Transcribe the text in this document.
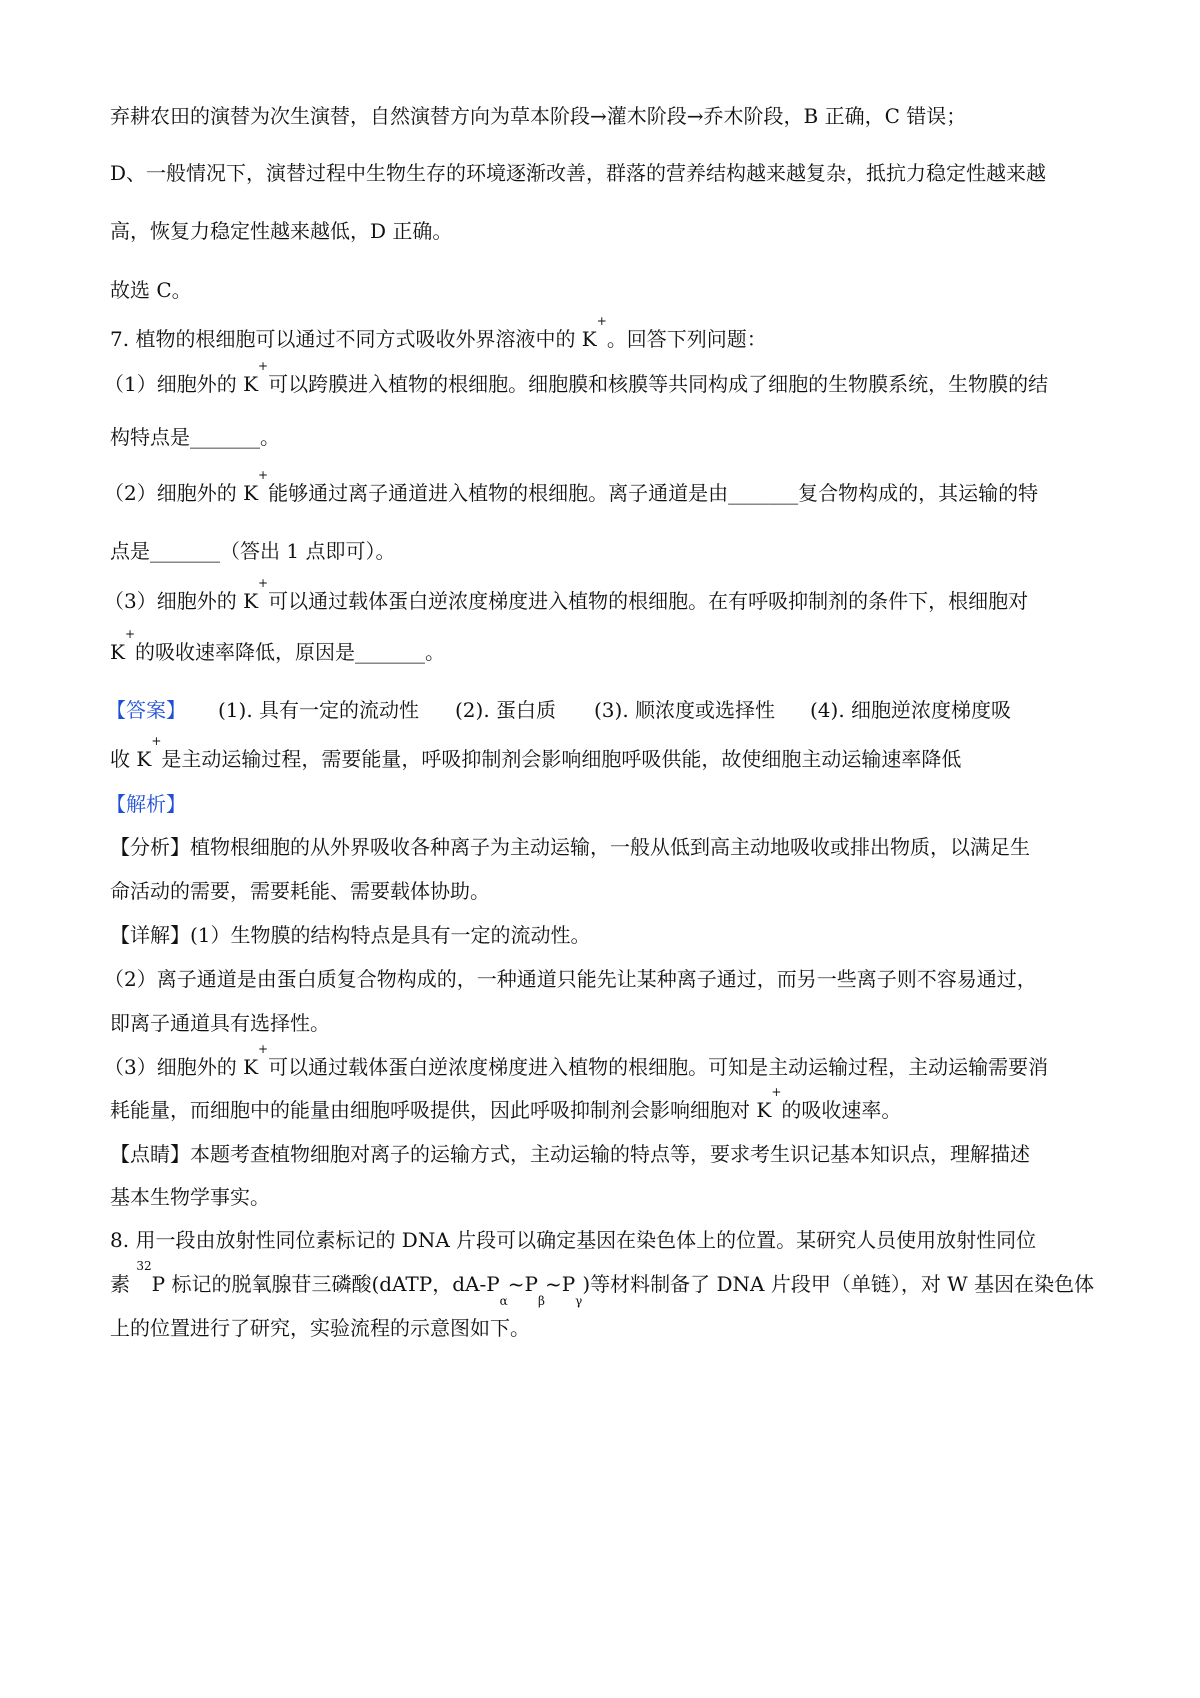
弃耕农田的演替为次生演替，自然演替方向为草本阶段→灌木阶段→乔木阶段，B 正确，C 错误；
D、一般情况下，演替过程中生物生存的环境逐渐改善，群落的营养结构越来越复杂，抵抗力稳定性越来越
高，恢复力稳定性越来越低，D 正确。
故选 C。
7. 植物的根细胞可以通过不同方式吸收外界溶液中的 K+。回答下列问题：
（1）细胞外的 K+可以跨膜进入植物的根细胞。细胞膜和核膜等共同构成了细胞的生物膜系统，生物膜的结
构特点是_______。
（2）细胞外的 K+能够通过离子通道进入植物的根细胞。离子通道是由_______复合物构成的，其运输的特
点是_______（答出 1 点即可）。
（3）细胞外的 K+可以通过载体蛋白逆浓度梯度进入植物的根细胞。在有呼吸抑制剂的条件下，根细胞对
K+的吸收速率降低，原因是_______。
【答案】 (1). 具有一定的流动性 (2). 蛋白质 (3). 顺浓度或选择性 (4). 细胞逆浓度梯度吸
收 K+是主动运输过程，需要能量，呼吸抑制剂会影响细胞呼吸供能，故使细胞主动运输速率降低
【解析】
【分析】植物根细胞的从外界吸收各种离子为主动运输，一般从低到高主动地吸收或排出物质，以满足生
命活动的需要，需要耗能、需要载体协助。
【详解】(1）生物膜的结构特点是具有一定的流动性。
（2）离子通道是由蛋白质复合物构成的，一种通道只能先让某种离子通过，而另一些离子则不容易通过，
即离子通道具有选择性。
（3）细胞外的 K+可以通过载体蛋白逆浓度梯度进入植物的根细胞。可知是主动运输过程，主动运输需要消
耗能量，而细胞中的能量由细胞呼吸提供，因此呼吸抑制剂会影响细胞对 K+的吸收速率。
【点睛】本题考查植物细胞对离子的运输方式，主动运输的特点等，要求考生识记基本知识点，理解描述
基本生物学事实。
8. 用一段由放射性同位素标记的 DNA 片段可以确定基因在染色体上的位置。某研究人员使用放射性同位
素 $^{32}$P 标记的脱氧腺苷三磷酸(dATP，$dA-P_\alpha\sim P_\beta\sim P_\gamma$)等材料制备了 DNA 片段甲（单链），对 W 基因在染色体
上的位置进行了研究，实验流程的示意图如下。
